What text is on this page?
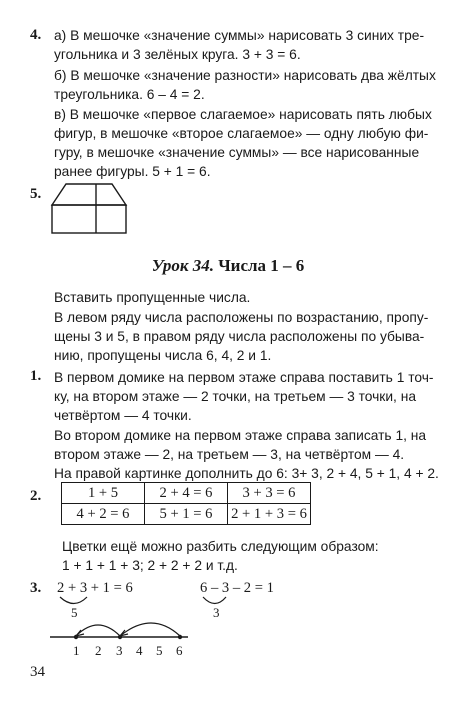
4. а) В мешочке «значение суммы» нарисовать 3 синих тре-
угольника и 3 зелёных круга. 3 + 3 = 6.
б) В мешочке «значение разности» нарисовать два жёлтых
треугольника. 6 – 4 = 2.
в) В мешочке «первое слагаемое» нарисовать пять любых
фигур, в мешочке «второе слагаемое» — одну любую фи-
гуру, в мешочке «значение суммы» — все нарисованные
ранее фигуры. 5 + 1 = 6.
5.
Урок 34. Числа 1 – 6
Вставить пропущенные числа.
В левом ряду числа расположены по возрастанию, пропу-
щены 3 и 5, в правом ряду числа расположены по убыва-
нию, пропущены числа 6, 4, 2 и 1.
1. В первом домике на первом этаже справа поставить 1 точ-
ку, на втором этаже — 2 точки, на третьем — 3 точки, на
четвёртом — 4 точки.
Во втором домике на первом этаже справа записать 1, на
втором этаже — 2, на третьем — 3, на четвёртом — 4.
На правой картинке дополнить до 6: 3+ 3, 2 + 4, 5 + 1, 4 + 2.
2.	1 + 5	2 + 4 = 6	3 + 3 = 6
4 + 2 = 6	5 + 1 = 6	2 + 1 + 3 = 6
Цветки ещё можно разбить следующим образом:
1 + 1 + 1 + 3; 2 + 2 + 2 и т.д.
3. 2 + 3 + 1 = 6
5
6 – 3 – 2 = 1
3
1 2 3 4 5 6
34
